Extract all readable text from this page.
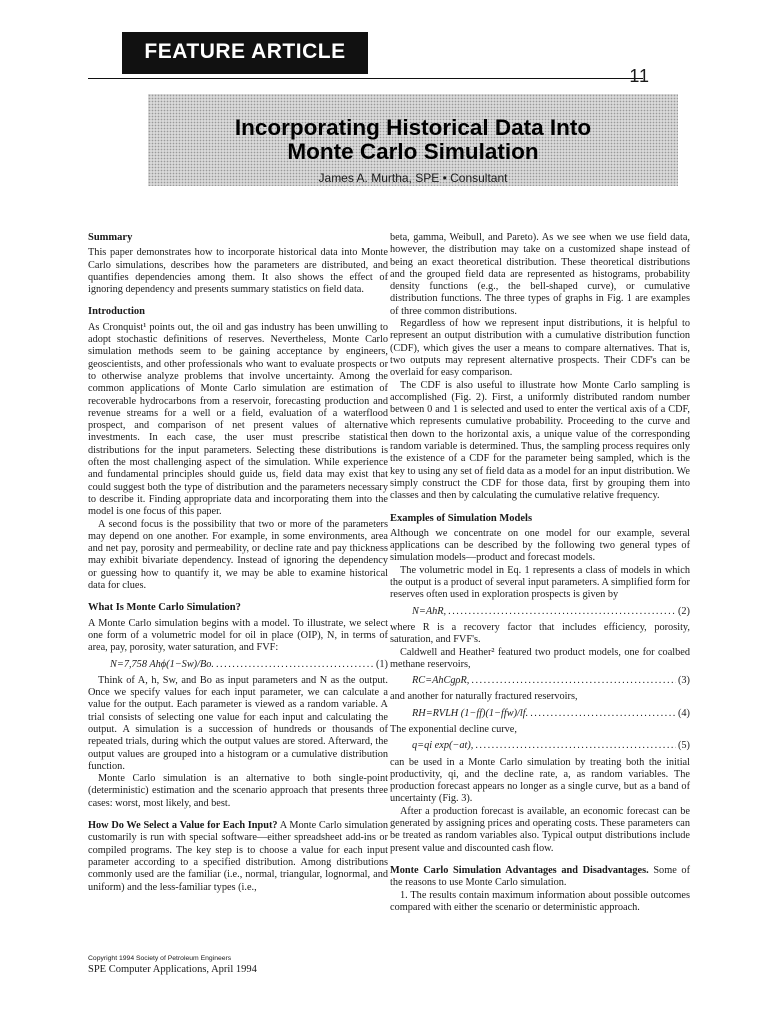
FEATURE ARTICLE
11
Incorporating Historical Data Into
Monte Carlo Simulation
James A. Murtha, SPE • Consultant
Summary

This paper demonstrates how to incorporate historical data into Monte Carlo simulations, describes how the parameters are distributed, and quantifies dependencies among them. It also shows the effect of ignoring dependency and presents summary statistics on field data.

Introduction

As Cronquist¹ points out, the oil and gas industry has been unwilling to adopt stochastic definitions of reserves. Nevertheless, Monte Carlo simulation methods seem to be gaining acceptance by engineers, geoscientists, and other professionals who want to evaluate prospects or to otherwise analyze problems that involve uncertainty. Among the common applications of Monte Carlo simulation are estimation of recoverable hydrocarbons from a reservoir, forecasting production and revenue streams for a well or a field, evaluation of a waterflood prospect, and comparison of net present values of alternative investments. In each case, the user must prescribe statistical distributions for the input parameters. Selecting these distributions is often the most challenging aspect of the simulation. While experience and fundamental principles should guide us, field data may exist that could suggest both the type of distribution and the parameters necessary to describe it. Finding appropriate data and incorporating them into the model is one focus of this paper.

A second focus is the possibility that two or more of the parameters may depend on one another. For example, in some environments, area and net pay, porosity and permeability, or decline rate and pay thickness may exhibit bivariate dependency. Instead of ignoring the dependency or guessing how to quantify it, we may be able to examine historical data for clues.

What Is Monte Carlo Simulation?

A Monte Carlo simulation begins with a model. To illustrate, we select one form of a volumetric model for oil in place (OIP), N, in terms of area, pay, porosity, water saturation, and FVF:

N=7,758 Ahϕ(1−Sw)/Bo. .....	(1)

Think of A, h, Sw, and Bo as input parameters and N as the output. Once we specify values for each input parameter, we can calculate a value for the output. Each parameter is viewed as a random variable. A trial consists of selecting one value for each input and calculating the output. A simulation is a succession of hundreds or thousands of repeated trials, during which the output values are stored. Afterward, the output values are grouped into a histogram or a cumulative distribution function.

Monte Carlo simulation is an alternative to both single-point (deterministic) estimation and the scenario approach that presents three cases: worst, most likely, and best.

How Do We Select a Value for Each Input? A Monte Carlo simulation customarily is run with special software—either spreadsheet add-ins or compiled programs. The key step is to choose a value for each input parameter according to a specified distribution. Among distributions commonly used are the familiar (i.e., normal, triangular, lognormal, and uniform) and the less-familiar types (i.e.,

beta, gamma, Weibull, and Pareto). As we see when we use field data, however, the distribution may take on a customized shape instead of being an exact theoretical distribution. These theoretical distributions and the grouped field data are represented as histograms, probability density functions (e.g., the bell-shaped curve), or cumulative distribution functions. The three types of graphs in Fig. 1 are examples of three common distributions.

Regardless of how we represent input distributions, it is helpful to represent an output distribution with a cumulative distribution function (CDF), which gives the user a means to compare alternatives. That is, two outputs may represent alternative prospects. Their CDF's can be overlaid for easy comparison.

The CDF is also useful to illustrate how Monte Carlo sampling is accomplished (Fig. 2). First, a uniformly distributed random number between 0 and 1 is selected and used to enter the vertical axis of a CDF, which represents cumulative probability. Proceeding to the curve and then down to the horizontal axis, a unique value of the corresponding random variable is determined. Thus, the sampling process requires only the existence of a CDF for the parameter being sampled, which is the key to using any set of field data as a model for an input distribution. We simply construct the CDF for those data, first by grouping them into classes and then by calculating the cumulative relative frequency.

Examples of Simulation Models

Although we concentrate on one model for our example, several applications can be described by the following two general types of simulation models—product and forecast models.

The volumetric model in Eq. 1 represents a class of models in which the output is a product of several input parameters. A simplified form for reserves often used in exploration prospects is given by

N=AhR, .....	(2)

where R is a recovery factor that includes efficiency, porosity, saturation, and FVF's.

Caldwell and Heather² featured two product models, one for coalbed methane reservoirs,

RC=AhCgρR, .....	(3)

and another for naturally fractured reservoirs,

RH=RVLH (1−ff)(1−ffw)/lf. .....	(4)

The exponential decline curve,

q=qi exp(−at), .....	(5)

can be used in a Monte Carlo simulation by treating both the initial productivity, qi, and the decline rate, a, as random variables. The production forecast appears no longer as a single curve, but as a band of uncertainty (Fig. 3).

After a production forecast is available, an economic forecast can be generated by assigning prices and operating costs. These parameters can be treated as random variables also. Typical output distributions include present value and discounted cash flow.

Monte Carlo Simulation Advantages and Disadvantages. Some of the reasons to use Monte Carlo simulation.

1. The results contain maximum information about possible outcomes compared with either the scenario or deterministic approach.

Copyright 1994 Society of Petroleum Engineers
SPE Computer Applications, April 1994
